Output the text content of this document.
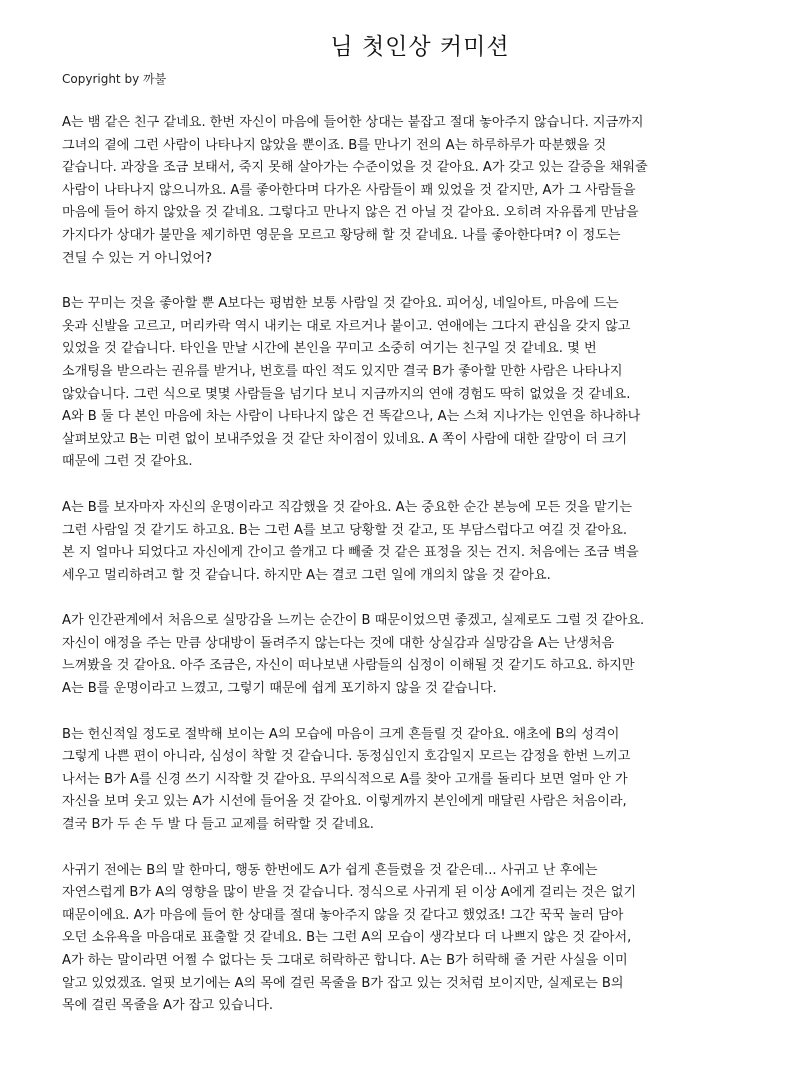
님 첫인상 커미션
Copyright by 까불
A는 뱀 같은 친구 같네요. 한번 자신이 마음에 들어한 상대는 붙잡고 절대 놓아주지 않습니다. 지금까지
그녀의 곁에 그런 사람이 나타나지 않았을 뿐이죠. B를 만나기 전의 A는 하루하루가 따분했을 것
같습니다. 과장을 조금 보태서, 죽지 못해 살아가는 수준이었을 것 같아요. A가 갖고 있는 갈증을 채워줄
사람이 나타나지 않으니까요. A를 좋아한다며 다가온 사람들이 꽤 있었을 것 같지만, A가 그 사람들을
마음에 들어 하지 않았을 것 같네요. 그렇다고 만나지 않은 건 아닐 것 같아요. 오히려 자유롭게 만남을
가지다가 상대가 불만을 제기하면 영문을 모르고 황당해 할 것 같네요. 나를 좋아한다며? 이 정도는
견딜 수 있는 거 아니었어?
B는 꾸미는 것을 좋아할 뿐 A보다는 평범한 보통 사람일 것 같아요. 피어싱, 네일아트, 마음에 드는
옷과 신발을 고르고, 머리카락 역시 내키는 대로 자르거나 붙이고. 연애에는 그다지 관심을 갖지 않고
있었을 것 같습니다. 타인을 만날 시간에 본인을 꾸미고 소중히 여기는 친구일 것 같네요. 몇 번
소개팅을 받으라는 권유를 받거나, 번호를 따인 적도 있지만 결국 B가 좋아할 만한 사람은 나타나지
않았습니다. 그런 식으로 몇몇 사람들을 넘기다 보니 지금까지의 연애 경험도 딱히 없었을 것 같네요.
A와 B 둘 다 본인 마음에 차는 사람이 나타나지 않은 건 똑같으나, A는 스쳐 지나가는 인연을 하나하나
살펴보았고 B는 미련 없이 보내주었을 것 같단 차이점이 있네요. A 쪽이 사람에 대한 갈망이 더 크기
때문에 그런 것 같아요.
A는 B를 보자마자 자신의 운명이라고 직감했을 것 같아요. A는 중요한 순간 본능에 모든 것을 맡기는
그런 사람일 것 같기도 하고요. B는 그런 A를 보고 당황할 것 같고, 또 부담스럽다고 여길 것 같아요.
본 지 얼마나 되었다고 자신에게 간이고 쓸개고 다 빼줄 것 같은 표정을 짓는 건지. 처음에는 조금 벽을
세우고 멀리하려고 할 것 같습니다. 하지만 A는 결코 그런 일에 개의치 않을 것 같아요.
A가 인간관계에서 처음으로 실망감을 느끼는 순간이 B 때문이었으면 좋겠고, 실제로도 그럴 것 같아요.
자신이 애정을 주는 만큼 상대방이 돌려주지 않는다는 것에 대한 상실감과 실망감을 A는 난생처음
느껴봤을 것 같아요. 아주 조금은, 자신이 떠나보낸 사람들의 심정이 이해될 것 같기도 하고요. 하지만
A는 B를 운명이라고 느꼈고, 그렇기 때문에 쉽게 포기하지 않을 것 같습니다.
B는 헌신적일 정도로 절박해 보이는 A의 모습에 마음이 크게 흔들릴 것 같아요. 애초에 B의 성격이
그렇게 나쁜 편이 아니라, 심성이 착할 것 같습니다. 동정심인지 호감일지 모르는 감정을 한번 느끼고
나서는 B가 A를 신경 쓰기 시작할 것 같아요. 무의식적으로 A를 찾아 고개를 돌리다 보면 얼마 안 가
자신을 보며 웃고 있는 A가 시선에 들어올 것 같아요. 이렇게까지 본인에게 매달린 사람은 처음이라,
결국 B가 두 손 두 발 다 들고 교제를 허락할 것 같네요.
사귀기 전에는 B의 말 한마디, 행동 한번에도 A가 쉽게 흔들렸을 것 같은데... 사귀고 난 후에는
자연스럽게 B가 A의 영향을 많이 받을 것 같습니다. 정식으로 사귀게 된 이상 A에게 걸리는 것은 없기
때문이에요. A가 마음에 들어 한 상대를 절대 놓아주지 않을 것 같다고 했었죠! 그간 꾹꾹 눌러 담아
오던 소유욕을 마음대로 표출할 것 같네요. B는 그런 A의 모습이 생각보다 더 나쁘지 않은 것 같아서,
A가 하는 말이라면 어쩔 수 없다는 듯 그대로 허락하곤 합니다. A는 B가 허락해 줄 거란 사실을 이미
알고 있었겠죠. 얼핏 보기에는 A의 목에 걸린 목줄을 B가 잡고 있는 것처럼 보이지만, 실제로는 B의
목에 걸린 목줄을 A가 잡고 있습니다.
